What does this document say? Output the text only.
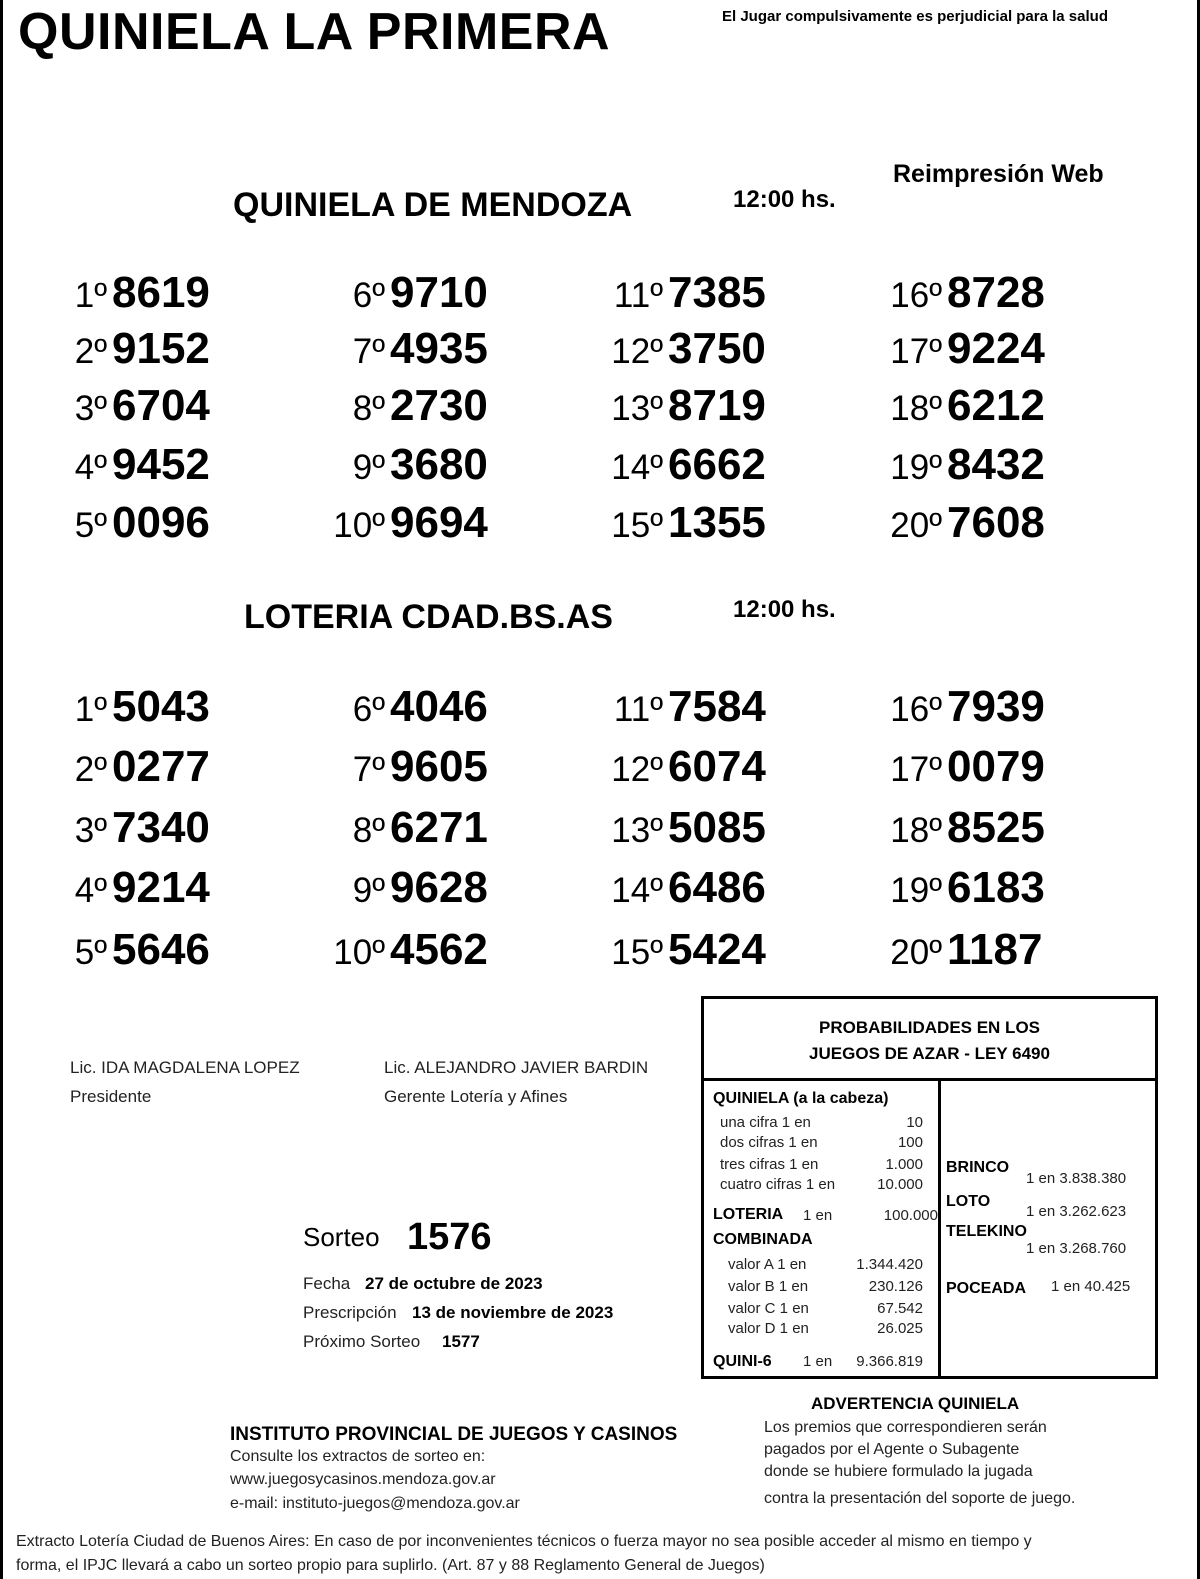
QUINIELA LA PRIMERA	El Jugar compulsivamente es perjudicial para la salud
Reimpresión Web
QUINIELA DE MENDOZA	12:00 hs.
1º 8619
2º 9152
3º 6704
4º 9452
5º 0096
6º 9710
7º 4935
8º 2730
9º 3680
10º 9694
11º 7385
12º 3750
13º 8719
14º 6662
15º 1355
16º 8728
17º 9224
18º 6212
19º 8432
20º 7608
LOTERIA CDAD.BS.AS	12:00 hs.
1º 5043
2º 0277
3º 7340
4º 9214
5º 5646
6º 4046
7º 9605
8º 6271
9º 9628
10º 4562
11º 7584
12º 6074
13º 5085
14º 6486
15º 5424
16º 7939
17º 0079
18º 8525
19º 6183
20º 1187
Lic. IDA MAGDALENA LOPEZ
Presidente
Lic. ALEJANDRO JAVIER BARDIN
Gerente Lotería y Afines
Sorteo 1576
Fecha 27 de octubre de 2023
Prescripción 13 de noviembre de 2023
Próximo Sorteo 1577
PROBABILIDADES EN LOS
JUEGOS DE AZAR - LEY 6490
QUINIELA (a la cabeza)
una cifra 1 en	10
dos cifras 1 en	100
tres cifras 1 en	1.000
cuatro cifras 1 en	10.000
LOTERIA 1 en	100.000
COMBINADA
valor A 1 en	1.344.420
valor B 1 en	230.126
valor C 1 en	67.542
valor D 1 en	26.025
QUINI-6 1 en 9.366.819
BRINCO
1 en 3.838.380
LOTO
1 en 3.262.623
TELEKINO
1 en 3.268.760
POCEADA 1 en 40.425
INSTITUTO PROVINCIAL DE JUEGOS Y CASINOS
Consulte los extractos de sorteo en:
www.juegosycasinos.mendoza.gov.ar
e-mail: instituto-juegos@mendoza.gov.ar
ADVERTENCIA QUINIELA
Los premios que correspondieren serán
pagados por el Agente o Subagente
donde se hubiere formulado la jugada
contra la presentación del soporte de juego.
Extracto Lotería Ciudad de Buenos Aires: En caso de por inconvenientes técnicos o fuerza mayor no sea posible acceder al mismo en tiempo y
forma, el IPJC llevará a cabo un sorteo propio para suplirlo. (Art. 87 y 88 Reglamento General de Juegos)
